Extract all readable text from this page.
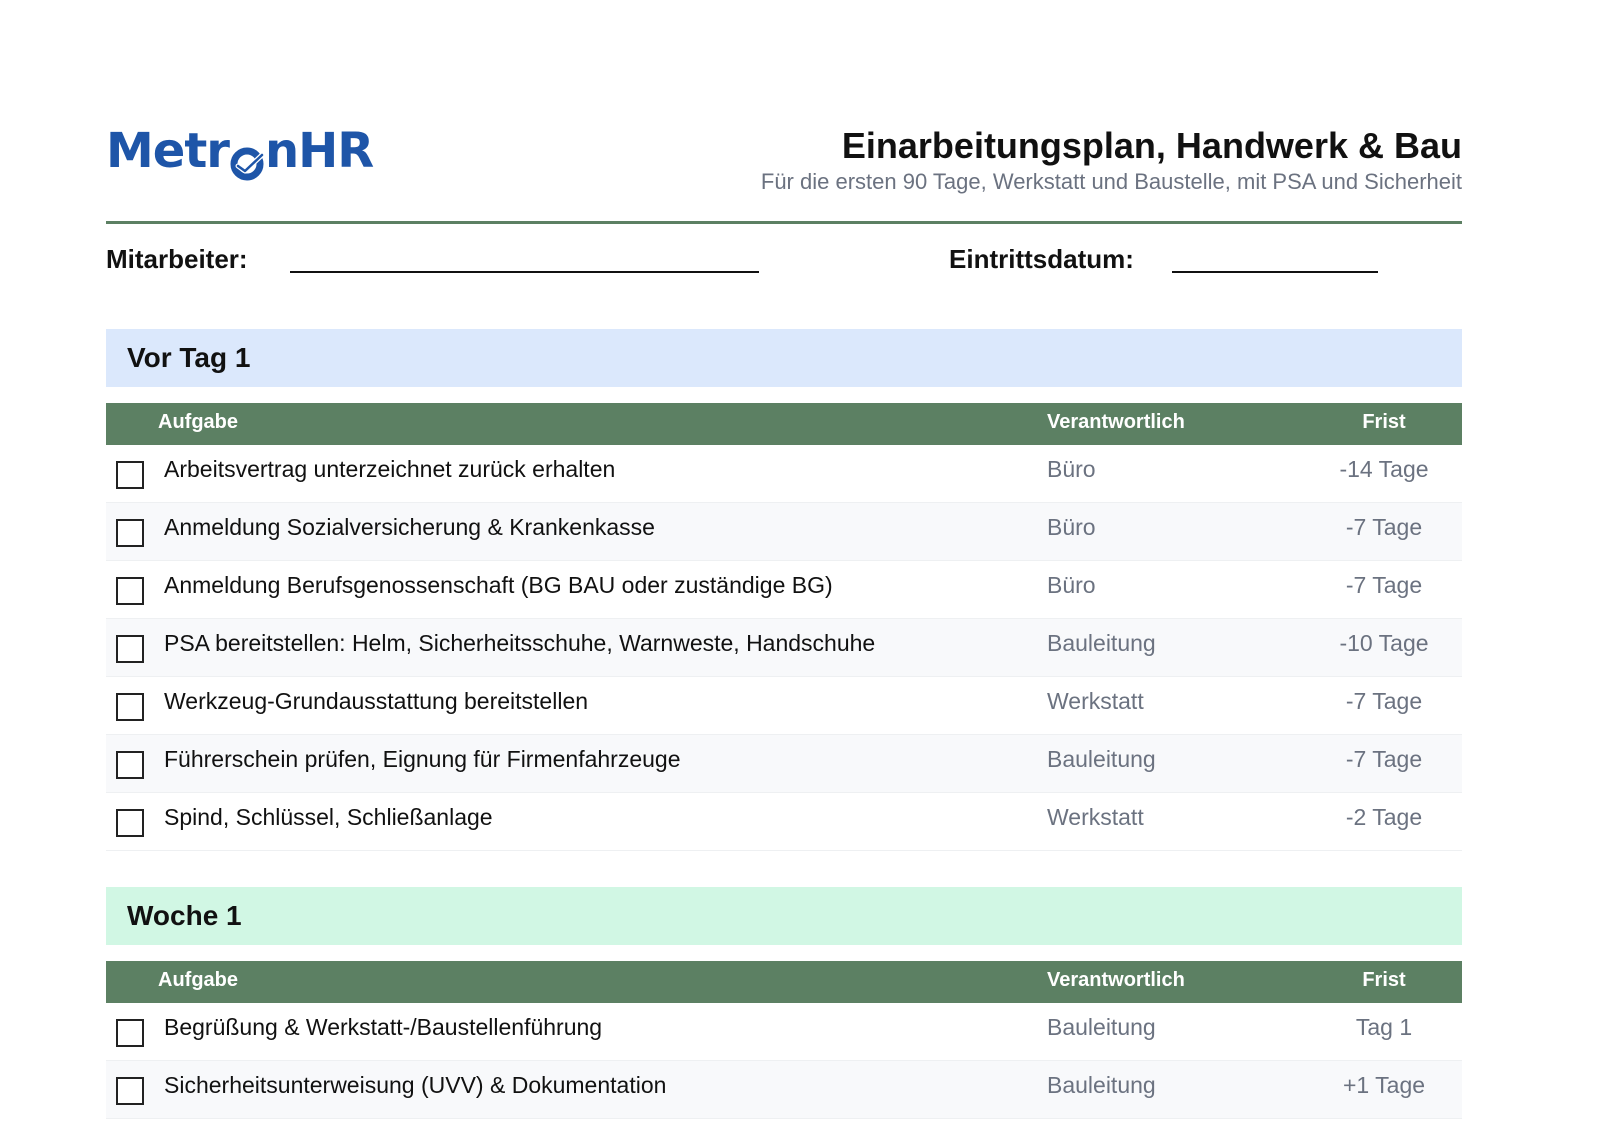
Metr nHR	Einarbeitungsplan, Handwerk & Bau
Für die ersten 90 Tage, Werkstatt und Baustelle, mit PSA und Sicherheit
Mitarbeiter:	Eintrittsdatum:
Vor Tag 1
Aufgabe	Verantwortlich	Frist
Arbeitsvertrag unterzeichnet zurück erhalten	Büro	-14 Tage
Anmeldung Sozialversicherung & Krankenkasse	Büro	-7 Tage
Anmeldung Berufsgenossenschaft (BG BAU oder zuständige BG)	Büro	-7 Tage
PSA bereitstellen: Helm, Sicherheitsschuhe, Warnweste, Handschuhe	Bauleitung	-10 Tage
Werkzeug-Grundausstattung bereitstellen	Werkstatt	-7 Tage
Führerschein prüfen, Eignung für Firmenfahrzeuge	Bauleitung	-7 Tage
Spind, Schlüssel, Schließanlage	Werkstatt	-2 Tage
Woche 1
Aufgabe	Verantwortlich	Frist
Begrüßung & Werkstatt-/Baustellenführung	Bauleitung	Tag 1
Sicherheitsunterweisung (UVV) & Dokumentation	Bauleitung	+1 Tage
